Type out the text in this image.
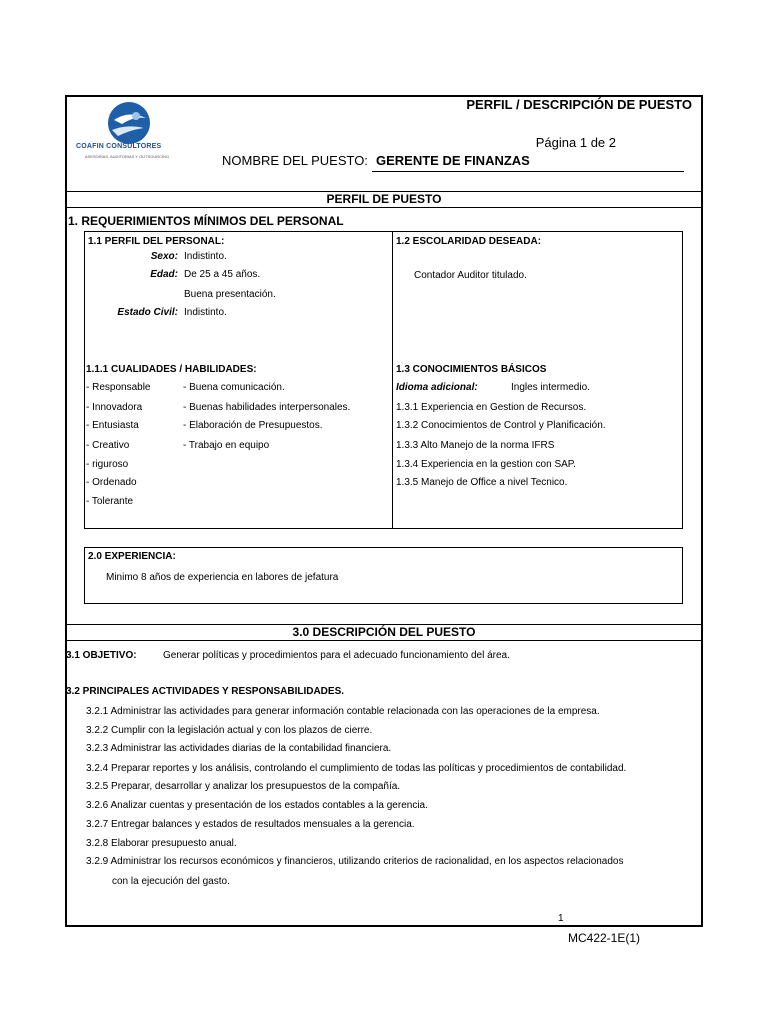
COAFIN CONSULTORES
ASESORIAS, AUDITORIAS Y OUTSOURCING
PERFIL / DESCRIPCIÓN DE PUESTO
Página 1 de 2
NOMBRE DEL PUESTO: GERENTE DE FINANZAS
PERFIL DE PUESTO
1. REQUERIMIENTOS MÍNIMOS DEL PERSONAL
1.1 PERFIL DEL PERSONAL:
Sexo: Indistinto.
Edad: De 25 a 45 años.
Buena presentación.
Estado Civil: Indistinto.
1.2 ESCOLARIDAD DESEADA:
Contador Auditor titulado.
1.1.1 CUALIDADES / HABILIDADES:
- Responsable
- Innovadora
- Entusiasta
- Creativo
- riguroso
- Ordenado
- Tolerante
- Buena comunicación.
- Buenas habilidades interpersonales.
- Elaboración de Presupuestos.
- Trabajo en equipo
1.3 CONOCIMIENTOS BÁSICOS
Idioma adicional:	Ingles intermedio.
1.3.1 Experiencia en Gestion de Recursos.
1.3.2 Conocimientos de Control y Planificación.
1.3.3 Alto Manejo de la norma IFRS
1.3.4 Experiencia en la gestion con SAP.
1.3.5 Manejo de Office a nivel Tecnico.
2.0 EXPERIENCIA:
Minimo 8 años de experiencia en labores de jefatura
3.0 DESCRIPCIÓN DEL PUESTO
3.1 OBJETIVO:	Generar políticas y procedimientos para el adecuado funcionamiento del área.
3.2 PRINCIPALES ACTIVIDADES Y RESPONSABILIDADES.
3.2.1 Administrar las actividades para generar información contable relacionada con las operaciones de la empresa.
3.2.2 Cumplir con la legislación actual y con los plazos de cierre.
3.2.3 Administrar las actividades diarias de la contabilidad financiera.
3.2.4 Preparar reportes y los análisis, controlando el cumplimiento de todas las políticas y procedimientos de contabilidad.
3.2.5 Preparar, desarrollar y analizar los presupuestos de la compañía.
3.2.6 Analizar cuentas y presentación de los estados contables a la gerencia.
3.2.7 Entregar balances y estados de resultados mensuales a la gerencia.
3.2.8 Elaborar presupuesto anual.
3.2.9 Administrar los recursos económicos y financieros, utilizando criterios de racionalidad, en los aspectos relacionados
con la ejecución del gasto.
1
MC422-1E(1)
